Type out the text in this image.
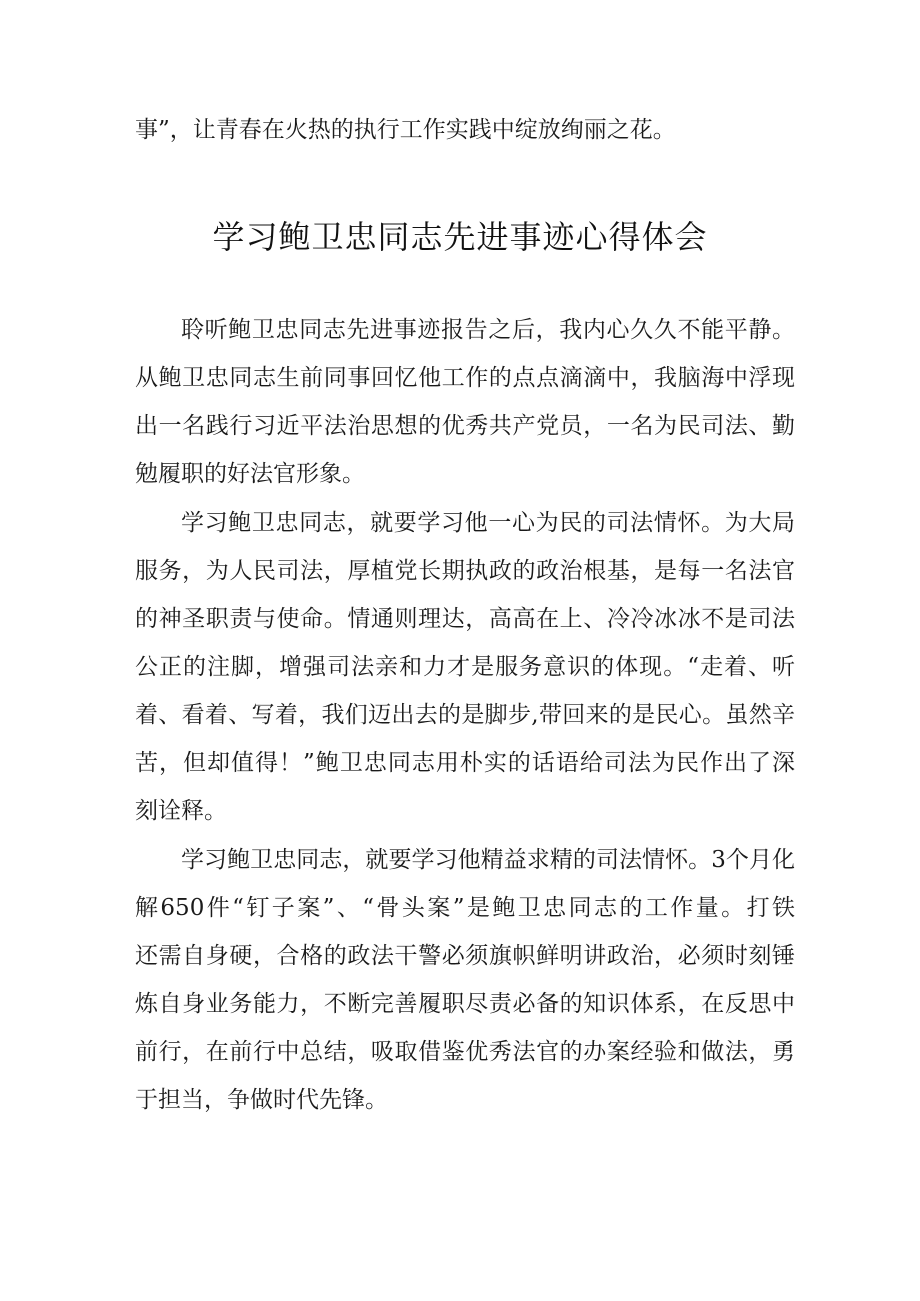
事”，让青春在火热的执行工作实践中绽放绚丽之花。
学习鲍卫忠同志先进事迹心得体会
聆听鲍卫忠同志先进事迹报告之后，我内心久久不能平静。
从鲍卫忠同志生前同事回忆他工作的点点滴滴中，我脑海中浮现
出一名践行习近平法治思想的优秀共产党员，一名为民司法、勤
勉履职的好法官形象。
学习鲍卫忠同志，就要学习他一心为民的司法情怀。为大局
服务，为人民司法，厚植党长期执政的政治根基，是每一名法官
的神圣职责与使命。情通则理达，高高在上、冷冷冰冰不是司法
公正的注脚，增强司法亲和力才是服务意识的体现。“走着、听
着、看着、写着，我们迈出去的是脚步,带回来的是民心。虽然辛
苦，但却值得！”鲍卫忠同志用朴实的话语给司法为民作出了深
刻诠释。
学习鲍卫忠同志，就要学习他精益求精的司法情怀。3个月化
解650件“钉子案”、“骨头案”是鲍卫忠同志的工作量。打铁
还需自身硬，合格的政法干警必须旗帜鲜明讲政治，必须时刻锤
炼自身业务能力，不断完善履职尽责必备的知识体系，在反思中
前行，在前行中总结，吸取借鉴优秀法官的办案经验和做法，勇
于担当，争做时代先锋。
